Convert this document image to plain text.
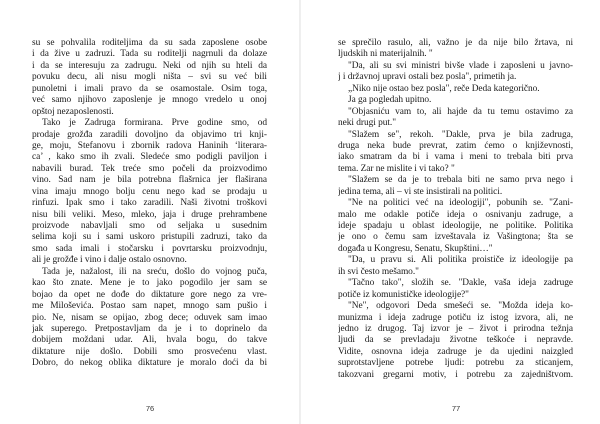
su se pohvalila roditeljima da su sada zaposlene osobe
i da žive u zadruzi. Tada su roditelji nagrnuli da dolaze
i da se interesuju za zadrugu. Neki od njih su hteli da
povuku decu, ali nisu mogli ništa – svi su već bili
punoletni i imali pravo da se osamostale. Osim toga,
već samo njihovo zaposlenje je mnogo vredelo u onoj
opštoj nezaposlenosti.
Tako je Zadruga formirana. Prve godine smo, od
prodaje grožđa zaradili dovoljno da objavimo tri knji-
ge, moju, Stefanovu i zbornik radova Haninih ‘literara-
ca’ , kako smo ih zvali. Sledeće smo podigli paviljon i
nabavili burad. Tek treće smo počeli da proizvodimo
vino. Sad nam je bila potrebna flašrnica jer flaširana
vina imaju mnogo bolju cenu nego kad se prodaju u
rinfuzi. Ipak smo i tako zaradili. Naši životni troškovi
nisu bili veliki. Meso, mleko, jaja i druge prehrambene
proizvode nabavljali smo od seljaka u susednim
selima koji su i sami uskoro pristupili zadruzi, tako da
smo sada imali i stočarsku i povrtarsku proizvodnju,
ali je grožđe i vino i dalje ostalo osnovno.
Tada je, nažalost, ili na sreću, došlo do vojnog puča,
kao što znate. Mene je to jako pogodilo jer sam se
bojao da opet ne dođe do diktature gore nego za vre-
me Miloševića. Postao sam napet, mnogo sam pušio i
pio. Ne, nisam se opijao, zbog dece; oduvek sam imao
jak superego. Pretpostavljam da je i to doprinelo da
dobijem moždani udar. Ali, hvala bogu, do takve
diktature nije došlo. Dobili smo prosvećenu vlast.
Dobro, do nekog oblika diktature je moralo doći da bi
se sprečilo rasulo, ali, važno je da nije bilo žrtava, ni
ljudskih ni materijalnih. "
"Da, ali su svi ministri bivše vlade i zaposleni u javno-
j i državnoj upravi ostali bez posla", primetih ja.
„Niko nije ostao bez posla", reče Deda kategorično.
Ja ga pogledah upitno.
"Objasniću vam to, ali hajde da tu temu ostavimo za
neki drugi put."
"Slažem se", rekoh. "Dakle, prva je bila zadruga,
druga neka bude prevrat, zatim ćemo o književnosti,
iako smatram da bi i vama i meni to trebala biti prva
tema. Zar ne mislite i vi tako? "
"Slažem se da je to trebala biti ne samo prva nego i
jedina tema, ali – vi ste insistirali na politici.
"Ne na politici već na ideologiji", pobunih se. "Zani-
malo me odakle potiče ideja o osnivanju zadruge, a
ideje spadaju u oblast ideologije, ne politike. Politika
je ono o čemu sam izveštavala iz Vašingtona; šta se
događa u Kongresu, Senatu, Skupštini…"
"Da, u pravu si. Ali politika proističe iz ideologije pa
ih svi često mešamo."
"Tačno tako", složih se. "Dakle, vaša ideja zadruge
potiče iz komunističke ideologije?"
"Ne", odgovori Deda smešeći se. "Možda ideja ko-
munizma i ideja zadruge potiču iz istog izvora, ali, ne
jedno iz drugog. Taj izvor je – život i prirodna težnja
ljudi da se prevladaju životne teškoće i nepravde.
Vidite, osnovna ideja zadruge je da ujedini naizgled
suprotstavljene potrebe ljudi: potrebu za sticanjem,
takozvani gregarni motiv, i potrebu za zajedništvom.
76	77
